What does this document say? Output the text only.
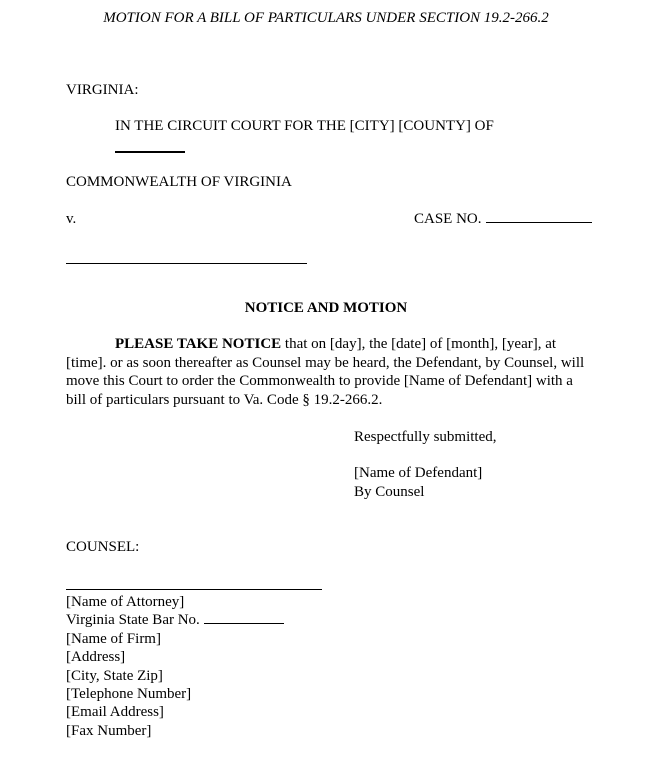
MOTION FOR A BILL OF PARTICULARS UNDER SECTION 19.2-266.2
VIRGINIA:
IN THE CIRCUIT COURT FOR THE [CITY] [COUNTY] OF
COMMONWEALTH OF VIRGINIA
v.	CASE NO.
NOTICE AND MOTION
PLEASE TAKE NOTICE that on [day], the [date] of [month], [year], at [time]. or as soon thereafter as Counsel may be heard, the Defendant, by Counsel, will move this Court to order the Commonwealth to provide [Name of Defendant] with a bill of particulars pursuant to Va. Code § 19.2-266.2.
Respectfully submitted,
[Name of Defendant]
By Counsel
COUNSEL:
[Name of Attorney]
Virginia State Bar No.
[Name of Firm]
[Address]
[City, State Zip]
[Telephone Number]
[Email Address]
[Fax Number]
